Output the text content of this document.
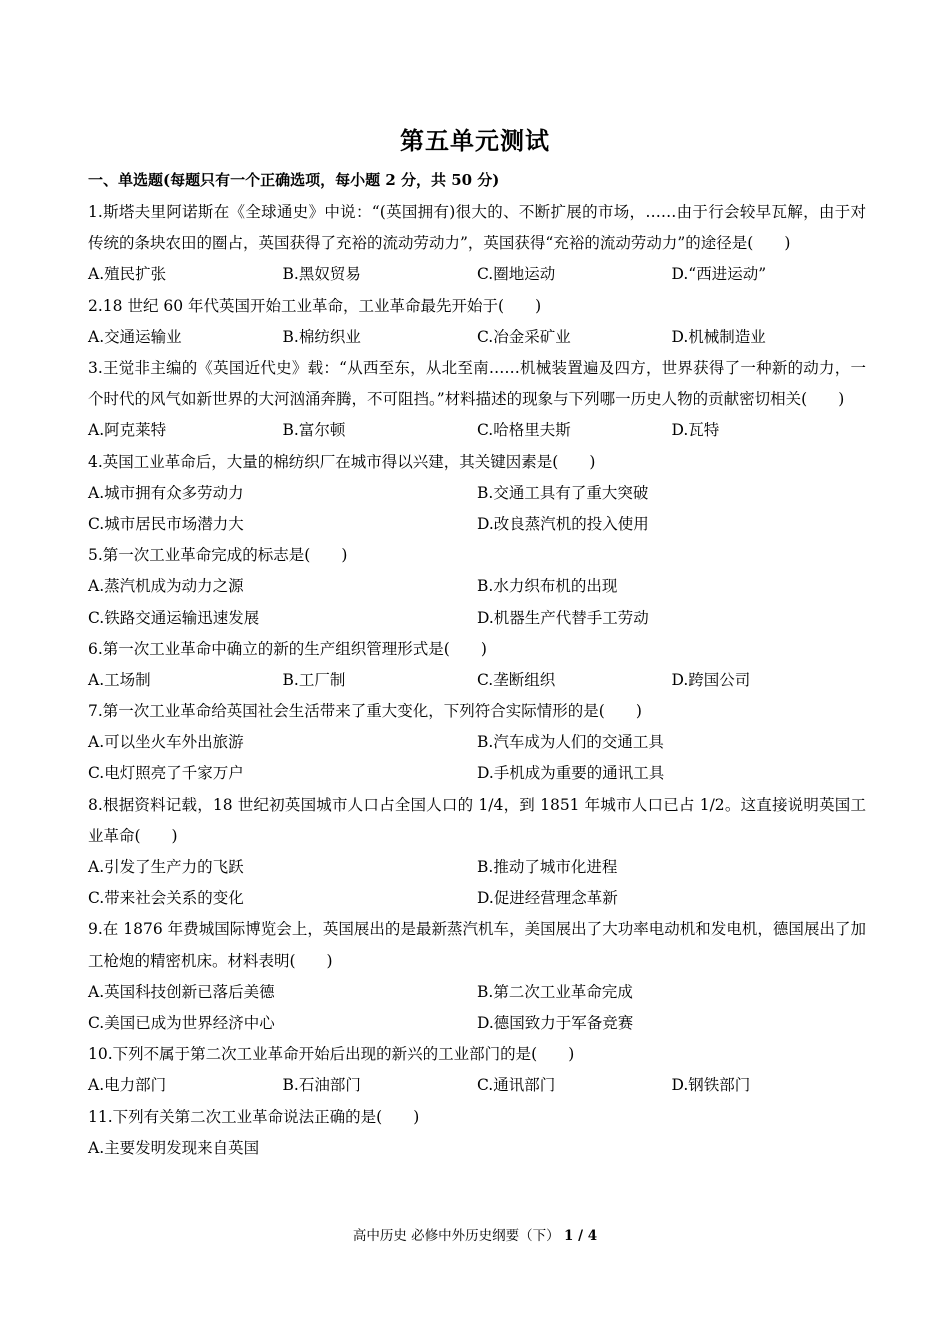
第五单元测试
一、单选题(每题只有一个正确选项，每小题 2 分，共 50 分)
1.斯塔夫里阿诺斯在《全球通史》中说：“(英国拥有)很大的、不断扩展的市场，……由于行会较早瓦解，由于对传统的条块农田的圈占，英国获得了充裕的流动劳动力”，英国获得“充裕的流动劳动力”的途径是(　　)
A.殖民扩张	B.黑奴贸易	C.圈地运动	D.“西进运动”
2.18 世纪 60 年代英国开始工业革命，工业革命最先开始于(　　)
A.交通运输业	B.棉纺织业	C.冶金采矿业	D.机械制造业
3.王觉非主编的《英国近代史》载：“从西至东，从北至南……机械装置遍及四方，世界获得了一种新的动力，一个时代的风气如新世界的大河汹涌奔腾，不可阻挡。”材料描述的现象与下列哪一历史人物的贡献密切相关(　　)
A.阿克莱特	B.富尔顿	C.哈格里夫斯	D.瓦特
4.英国工业革命后，大量的棉纺织厂在城市得以兴建，其关键因素是(　　)
A.城市拥有众多劳动力	B.交通工具有了重大突破
C.城市居民市场潜力大	D.改良蒸汽机的投入使用
5.第一次工业革命完成的标志是(　　)
A.蒸汽机成为动力之源	B.水力织布机的出现
C.铁路交通运输迅速发展	D.机器生产代替手工劳动
6.第一次工业革命中确立的新的生产组织管理形式是(　　)
A.工场制	B.工厂制	C.垄断组织	D.跨国公司
7.第一次工业革命给英国社会生活带来了重大变化，下列符合实际情形的是(　　)
A.可以坐火车外出旅游	B.汽车成为人们的交通工具
C.电灯照亮了千家万户	D.手机成为重要的通讯工具
8.根据资料记载，18 世纪初英国城市人口占全国人口的 1/4，到 1851 年城市人口已占 1/2。这直接说明英国工业革命(　　)
A.引发了生产力的飞跃	B.推动了城市化进程
C.带来社会关系的变化	D.促进经营理念革新
9.在 1876 年费城国际博览会上，英国展出的是最新蒸汽机车，美国展出了大功率电动机和发电机，德国展出了加工枪炮的精密机床。材料表明(　　)
A.英国科技创新已落后美德	B.第二次工业革命完成
C.美国已成为世界经济中心	D.德国致力于军备竞赛
10.下列不属于第二次工业革命开始后出现的新兴的工业部门的是(　　)
A.电力部门	B.石油部门	C.通讯部门	D.钢铁部门
11.下列有关第二次工业革命说法正确的是(　　)
A.主要发明发现来自英国
高中历史 必修中外历史纲要（下） 1 / 4
